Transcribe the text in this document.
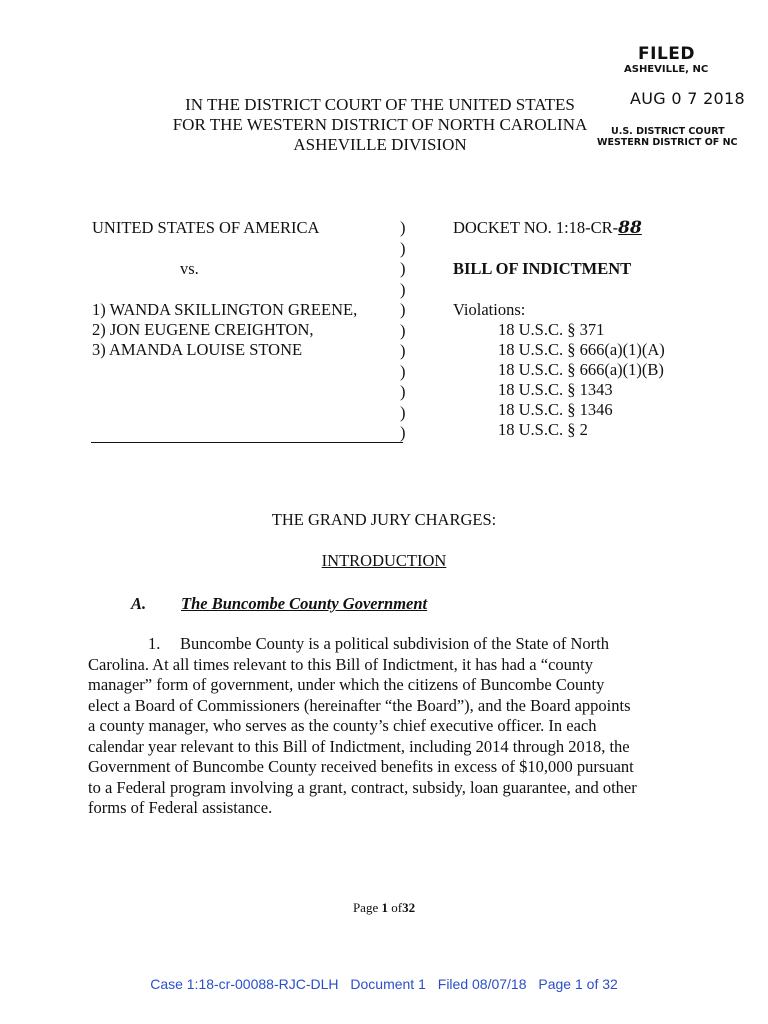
FILED
ASHEVILLE, NC
AUG 0 7 2018
U.S. DISTRICT COURT
WESTERN DISTRICT OF NC
IN THE DISTRICT COURT OF THE UNITED STATES
FOR THE WESTERN DISTRICT OF NORTH CAROLINA
ASHEVILLE DIVISION
UNITED STATES OF AMERICA
vs.
1) WANDA SKILLINGTON GREENE,
2) JON EUGENE CREIGHTON,
3) AMANDA LOUISE STONE
)
)
)
)
)
)
)
)
)
)
)
DOCKET NO. 1:18-CR-88
BILL OF INDICTMENT
Violations:
18 U.S.C. § 371
18 U.S.C. § 666(a)(1)(A)
18 U.S.C. § 666(a)(1)(B)
18 U.S.C. § 1343
18 U.S.C. § 1346
18 U.S.C. § 2
THE GRAND JURY CHARGES:
INTRODUCTION
A. The Buncombe County Government
1. Buncombe County is a political subdivision of the State of North
Carolina. At all times relevant to this Bill of Indictment, it has had a “county
manager” form of government, under which the citizens of Buncombe County
elect a Board of Commissioners (hereinafter “the Board”), and the Board appoints
a county manager, who serves as the county’s chief executive officer. In each
calendar year relevant to this Bill of Indictment, including 2014 through 2018, the
Government of Buncombe County received benefits in excess of $10,000 pursuant
to a Federal program involving a grant, contract, subsidy, loan guarantee, and other
forms of Federal assistance.
Page 1 of32
Case 1:18-cr-00088-RJC-DLH Document 1 Filed 08/07/18 Page 1 of 32
